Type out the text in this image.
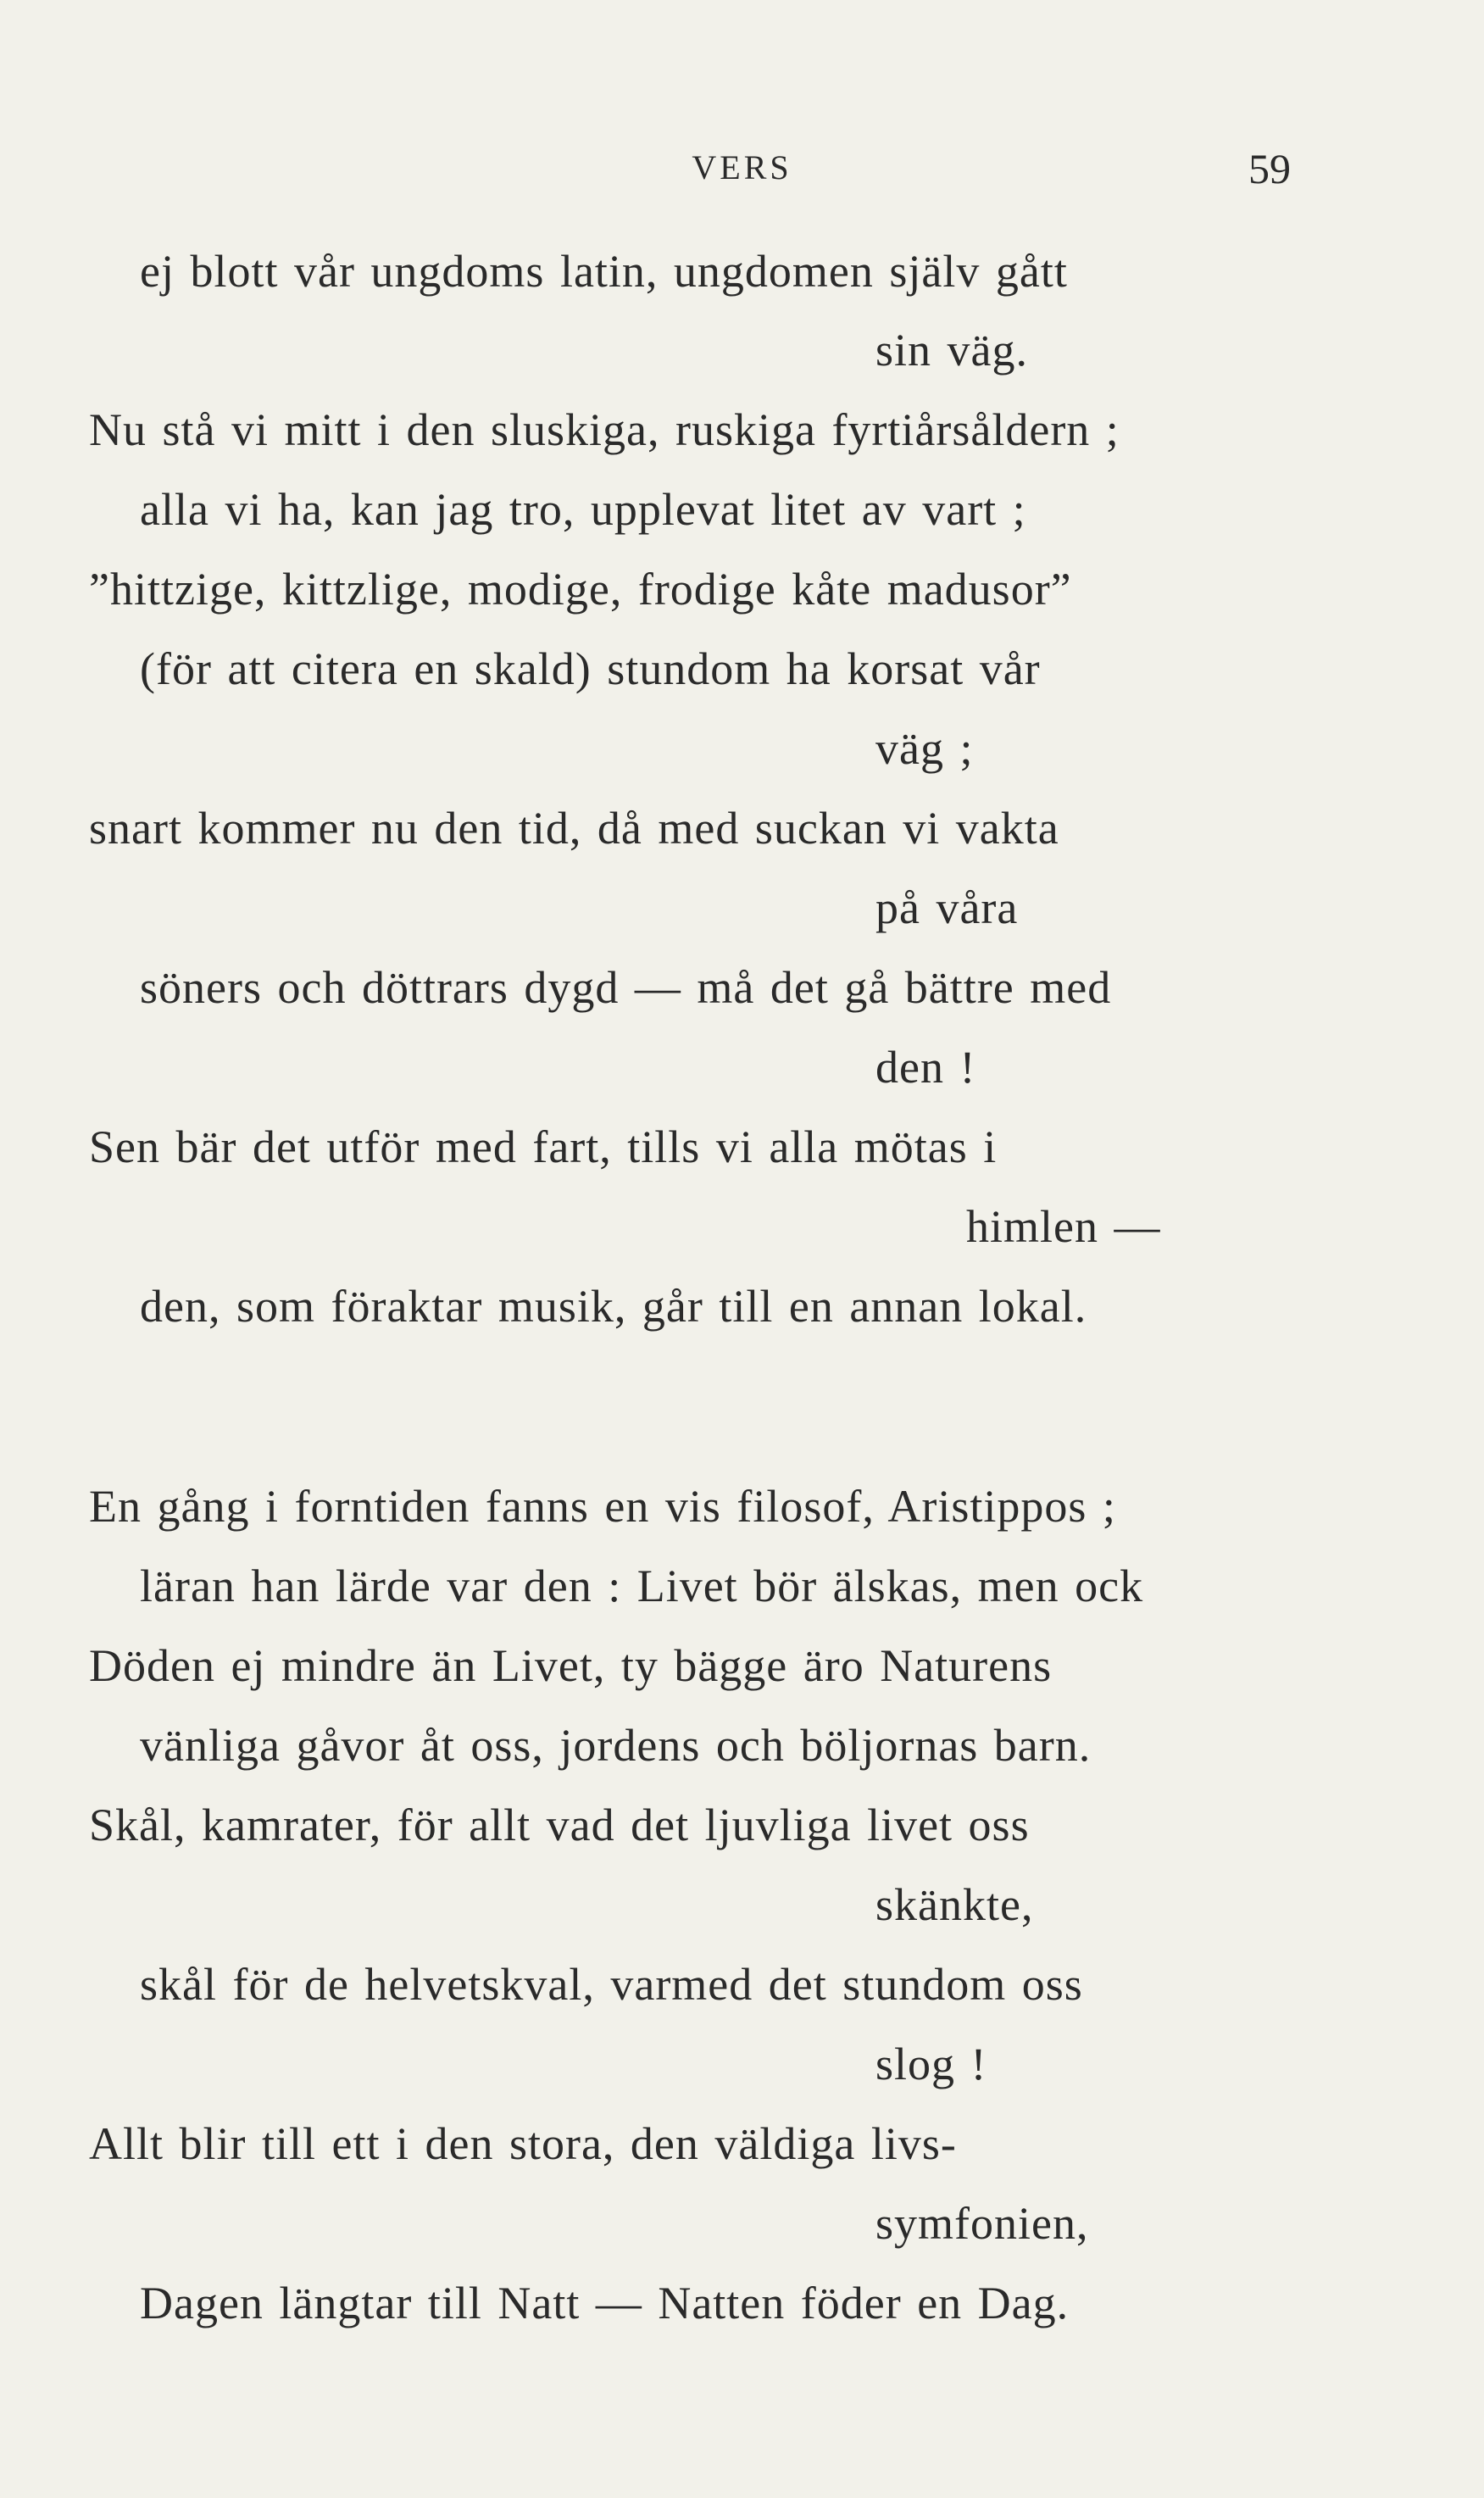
VERS	59
ej blott vår ungdoms latin, ungdomen själv gått
sin väg.
Nu stå vi mitt i den sluskiga, ruskiga fyrtiårsåldern ;
alla vi ha, kan jag tro, upplevat litet av vart ;
”hittzige, kittzlige, modige, frodige kåte madusor”
(för att citera en skald) stundom ha korsat vår
väg ;
snart kommer nu den tid, då med suckan vi vakta
på våra
söners och döttrars dygd — må det gå bättre med
den !
Sen bär det utför med fart, tills vi alla mötas i
himlen —
den, som föraktar musik, går till en annan lokal.
En gång i forntiden fanns en vis filosof, Aristippos ;
läran han lärde var den : Livet bör älskas, men ock
Döden ej mindre än Livet, ty bägge äro Naturens
vänliga gåvor åt oss, jordens och böljornas barn.
Skål, kamrater, för allt vad det ljuvliga livet oss
skänkte,
skål för de helvetskval, varmed det stundom oss
slog !
Allt blir till ett i den stora, den väldiga livs-
symfonien,
Dagen längtar till Natt — Natten föder en Dag.
